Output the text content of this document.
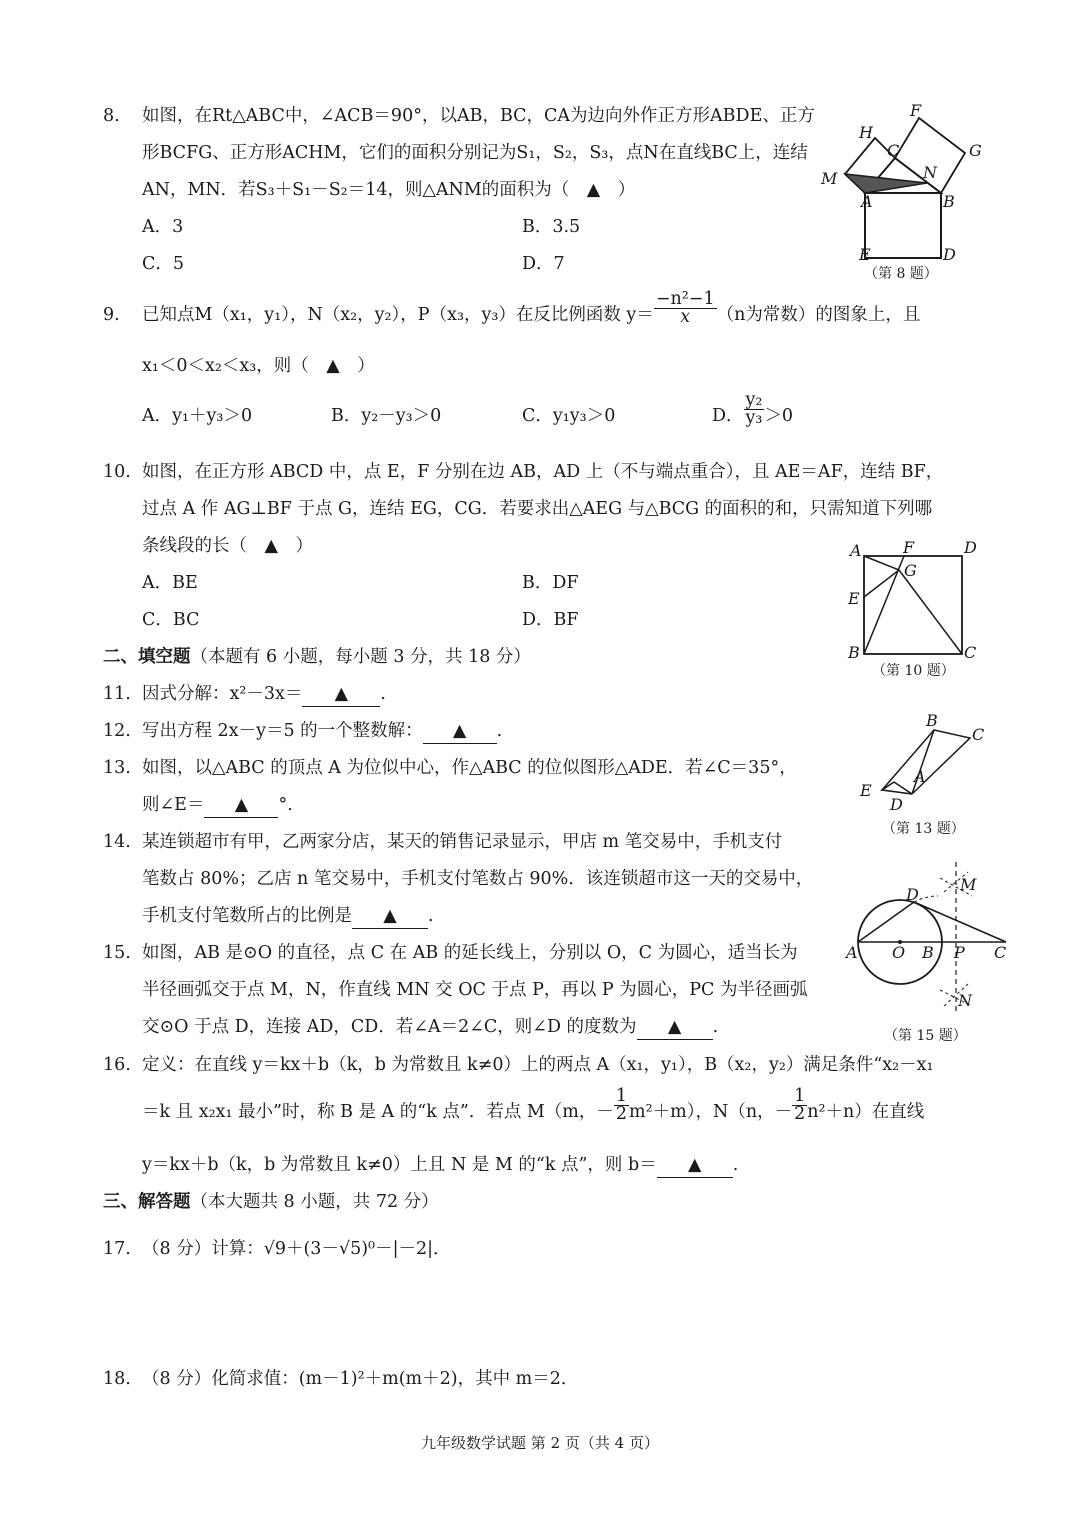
8. 如图，在Rt△ABC中，∠ACB＝90°，以AB，BC，CA为边向外作正方形ABDE、正方
形BCFG、正方形ACHM，它们的面积分别记为S₁，S₂，S₃，点N在直线BC上，连结
AN，MN．若S₃＋S₁－S₂＝14，则△ANM的面积为（　▲　）
A．3	B．3.5
C．5	D．7
F
H
C	G
M	N
A	B
E	D
（第 8 题）
9. 已知点M（x₁，y₁），N（x₂，y₂），P（x₃，y₃）在反比例函数 $y= \frac{\text{−n²−1}}{x} (n$为常数）的图象上，且
x₁＜0＜x₂＜x₃，则（　▲　）
A．y₁＋y₃＞0	B．y₂－y₃＞0	C．y₁y₃＞0	D． $\frac{\text{y₂}}{\text{y₃}} >0$
10. 如图，在正方形 ABCD 中，点 E，F 分别在边 AB，AD 上（不与端点重合），且 AE＝AF，连结 BF，
过点 A 作 AG⊥BF 于点 G，连结 EG，CG．若要求出△AEG 与△BCG 的面积的和，只需知道下列哪
条线段的长（　▲　）
A．BE	B．DF
C．BC	D．BF
A	F	D
G
E
B	C
（第 10 题）
二、填空题（本题有 6 小题，每小题 3 分，共 18 分）
11. 因式分解：x²－3x＝ ▲ .
12. 写出方程 2x－y＝5 的一个整数解： ▲ .
13. 如图，以△ABC 的顶点 A 为位似中心，作△ABC 的位似图形△ADE．若∠C＝35°，
则∠E＝ ▲ °.
B
C
A
E
D
（第 13 题）
14. 某连锁超市有甲，乙两家分店，某天的销售记录显示，甲店 m 笔交易中，手机支付
笔数占 80%；乙店 n 笔交易中，手机支付笔数占 90%．该连锁超市这一天的交易中，
手机支付笔数所占的比例是 ▲ .
15. 如图，AB 是⊙O 的直径，点 C 在 AB 的延长线上，分别以 O，C 为圆心，适当长为
半径画弧交于点 M，N，作直线 MN 交 OC 于点 P，再以 P 为圆心，PC 为半径画弧
交⊙O 于点 D，连接 AD，CD．若∠A＝2∠C，则∠D 的度数为 ▲ .
D
M
A O B P C
N
（第 15 题）
16. 定义：在直线 y＝kx＋b（k，b 为常数且 k≠0）上的两点 A（x₁，y₁），B（x₂，y₂）满足条件“x₂－x₁
＝k 且 x₂x₁ 最小”时，称 B 是 A 的“k 点”．若点 M（m，－ $\frac{1}{2} m^2+m$），N（n，－ $\frac{1}{2} n^2+n$）在直线
y＝kx＋b（k，b 为常数且 k≠0）上且 N 是 M 的“k 点”，则 b＝ ▲ .
三、解答题（本大题共 8 小题，共 72 分）
17. （8 分）计算：√9＋(3－√5)⁰－|－2|．
18. （8 分）化简求值：(m－1)²＋m(m＋2)，其中 m＝2．
九年级数学试题 第 2 页（共 4 页）
